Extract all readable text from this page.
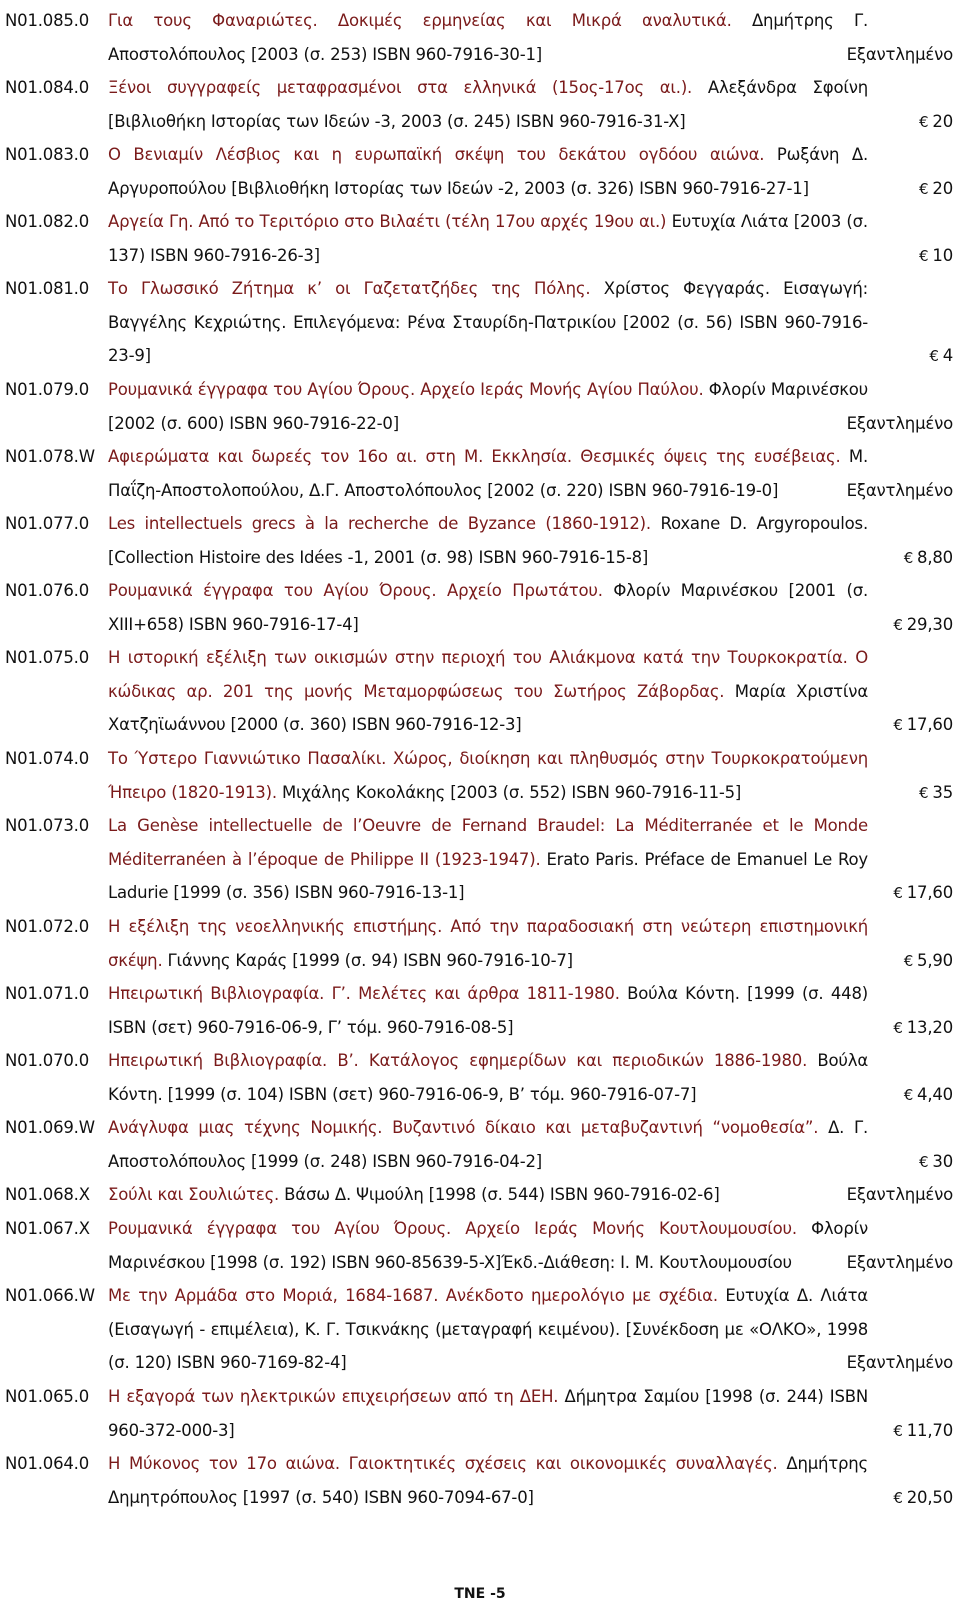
N01.085.0 Για τους Φαναριώτες. Δοκιμές ερμηνείας και Μικρά αναλυτικά. Δημήτρης Γ. Αποστολόπουλος [2003 (σ. 253) ISBN 960-7916-30-1]	Εξαντλημένο
N01.084.0 Ξένοι συγγραφείς μεταφρασμένοι στα ελληνικά (15ος-17ος αι.). Αλεξάνδρα Σφοίνη [Βιβλιοθήκη Ιστορίας των Ιδεών -3, 2003 (σ. 245) ISBN 960-7916-31-X]	€ 20
N01.083.0 Ο Βενιαμίν Λέσβιος και η ευρωπαϊκή σκέψη του δεκάτου ογδόου αιώνα. Ρωξάνη Δ. Αργυροπούλου [Βιβλιοθήκη Ιστορίας των Ιδεών -2, 2003 (σ. 326) ISBN 960-7916-27-1]	€ 20
N01.082.0 Αργεία Γη. Από το Τεριτόριο στο Βιλαέτι (τέλη 17ου αρχές 19ου αι.) Ευτυχία Λιάτα [2003 (σ. 137) ISBN 960-7916-26-3]	€ 10
N01.081.0 Το Γλωσσικό Ζήτημα κ’ οι Γαζετατζήδες της Πόλης. Χρίστος Φεγγαράς. Εισαγωγή: Βαγγέλης Κεχριώτης. Επιλεγόμενα: Ρένα Σταυρίδη-Πατρικίου [2002 (σ. 56) ISBN 960-7916-23-9]	€ 4
N01.079.0 Ρουμανικά έγγραφα του Αγίου Όρους. Αρχείο Ιεράς Μονής Αγίου Παύλου. Φλορίν Μαρινέσκου [2002 (σ. 600) ISBN 960-7916-22-0]	Εξαντλημένο
N01.078.W Αφιερώματα και δωρεές τον 16ο αι. στη Μ. Εκκλησία. Θεσμικές όψεις της ευσέβειας. Μ. Παΐζη-Αποστολοπούλου, Δ.Γ. Αποστολόπουλος [2002 (σ. 220) ISBN 960-7916-19-0]	Εξαντλημένο
N01.077.0 Les intellectuels grecs à la recherche de Byzance (1860-1912). Roxane D. Argyropoulos. [Collection Histoire des Idées -1, 2001 (σ. 98) ISBN 960-7916-15-8]	€ 8,80
N01.076.0 Ρουμανικά έγγραφα του Αγίου Όρους. Αρχείο Πρωτάτου. Φλορίν Μαρινέσκου [2001 (σ. XIII+658) ISBN 960-7916-17-4]	€ 29,30
N01.075.0 Η ιστορική εξέλιξη των οικισμών στην περιοχή του Αλιάκμονα κατά την Τουρκοκρατία. Ο κώδικας αρ. 201 της μονής Μεταμορφώσεως του Σωτήρος Ζάβορδας. Μαρία Χριστίνα Χατζηϊωάννου [2000 (σ. 360) ISBN 960-7916-12-3]	€ 17,60
N01.074.0 Το Ύστερο Γιαννιώτικο Πασαλίκι. Χώρος, διοίκηση και πληθυσμός στην Τουρκοκρατούμενη Ήπειρο (1820-1913). Μιχάλης Κοκολάκης [2003 (σ. 552) ISBN 960-7916-11-5]	€ 35
N01.073.0 La Genèse intellectuelle de l’Oeuvre de Fernand Braudel: La Méditerranée et le Monde Méditerranéen à l’époque de Philippe II (1923-1947). Erato Paris. Préface de Emanuel Le Roy Ladurie [1999 (σ. 356) ISBN 960-7916-13-1]	€ 17,60
N01.072.0 Η εξέλιξη της νεοελληνικής επιστήμης. Από την παραδοσιακή στη νεώτερη επιστημονική σκέψη. Γιάννης Καράς [1999 (σ. 94) ISBN 960-7916-10-7]	€ 5,90
N01.071.0 Ηπειρωτική Βιβλιογραφία. Γ’. Μελέτες και άρθρα 1811-1980. Βούλα Κόντη. [1999 (σ. 448) ISBN (σετ) 960-7916-06-9, Γ’ τόμ. 960-7916-08-5]	€ 13,20
N01.070.0 Ηπειρωτική Βιβλιογραφία. Β’. Κατάλογος εφημερίδων και περιοδικών 1886-1980. Βούλα Κόντη. [1999 (σ. 104) ISBN (σετ) 960-7916-06-9, Β’ τόμ. 960-7916-07-7]	€ 4,40
N01.069.W Ανάγλυφα μιας τέχνης Νομικής. Βυζαντινό δίκαιο και μεταβυζαντινή “νομοθεσία”. Δ. Γ. Αποστολόπουλος [1999 (σ. 248) ISBN 960-7916-04-2]	€ 30
N01.068.X Σούλι και Σουλιώτες. Βάσω Δ. Ψιμούλη [1998 (σ. 544) ISBN 960-7916-02-6]	Εξαντλημένο
N01.067.X Ρουμανικά έγγραφα του Αγίου Όρους. Αρχείο Ιεράς Μονής Κουτλουμουσίου. Φλορίν Μαρινέσκου [1998 (σ. 192) ISBN 960-85639-5-X]Έκδ.-Διάθεση: Ι. Μ. Κουτλουμουσίου	Εξαντλημένο
N01.066.W Με την Αρμάδα στο Μοριά, 1684-1687. Ανέκδοτο ημερολόγιο με σχέδια. Ευτυχία Δ. Λιάτα (Εισαγωγή - επιμέλεια), Κ. Γ. Τσικνάκης (μεταγραφή κειμένου). [Συνέκδοση με «ΟΛΚΟ», 1998 (σ. 120) ISBN 960-7169-82-4]	Εξαντλημένο
N01.065.0 Η εξαγορά των ηλεκτρικών επιχειρήσεων από τη ΔΕΗ. Δήμητρα Σαμίου [1998 (σ. 244) ISBN 960-372-000-3]	€ 11,70
N01.064.0 Η Μύκονος τον 17ο αιώνα. Γαιοκτητικές σχέσεις και οικονομικές συναλλαγές. Δημήτρης Δημητρόπουλος [1997 (σ. 540) ISBN 960-7094-67-0]	€ 20,50
ΤΝΕ -5
